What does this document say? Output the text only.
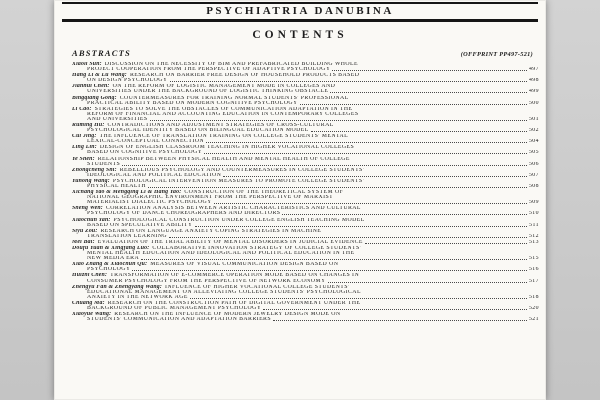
PSYCHIATRIA DANUBINA
CONTENTS
ABSTRACTS	(OFFPRINT PP497-521)
Xiaoli Sun: DISCUSSION ON THE NECESSITY OF BIM AND PREFABRICATED BUILDING WHOLE
PROJECT COOPERATION FROM THE PERSPECTIVE OF ADAPTIVE PSYCHOLOGY	497
Hang Li & Lu Wang: RESEARCH ON BARRIER FREE DESIGN OF HOUSEHOLD PRODUCTS BASED
ON DESIGN PSYCHOLOGY	498
Jianhui Chen: ON THE REFORM OF LOGISTIC MANAGEMENT MODE IN COLLEGES AND
UNIVERSITIES UNDER THE BACKGROUND OF LOGISTIC THINKING OBSTACLE	499
Bingqiang Gong: COUNTERMEASURES FOR TRAINING NORMAL STUDENTS' PROFESSIONAL
PRACTICAL ABILITY BASED ON MODERN COGNITIVE PSYCHOLOGY	500
Li Cao: STRATEGIES TO SOLVE THE OBSTACLES OF COMMUNICATION ADAPTATION IN THE
REFORM OF FINANCIAL AND ACCOUNTING EDUCATION IN CONTEMPORARY COLLEGES
AND UNIVERSITIES	501
Ruming Hu: CONTRADICTIONS AND ADJUSTMENT STRATEGIES OF CROSS-CULTURAL
PSYCHOLOGICAL IDENTITY BASED ON BILINGUAL EDUCATION MODEL	502
Cui Jing: THE INFLUENCE OF TRANSLATION TRAINING ON COLLEGE STUDENTS' MENTAL
LEXICAL-CONCEPTUAL CONNECTION	504
Ling Lin: DESIGN OF ENGLISH CLASSROOM TEACHING IN HIGHER VOCATIONAL COLLEGES
BASED ON COGNITIVE PSYCHOLOGY	505
Ye Shen: RELATIONSHIP BETWEEN PHYSICAL HEALTH AND MENTAL HEALTH OF COLLEGE
STUDENTS	506
Zhongcheng Shi: REBELLIOUS PSYCHOLOGY AND COUNTERMEASURES IN COLLEGE STUDENTS'
IDEOLOGICAL AND POLITICAL EDUCATION	507
Yuhong Wang: PSYCHOLOGICAL INTERVENTION MEASURES TO PROMOTE COLLEGE STUDENTS'
PHYSICAL HEALTH	508
Xichang Yao & Mengqing Li & Hang Yao: CONSTRUCTION OF THE THEORETICAL SYSTEM OF
NATIONAL GEOGRAPHIC ENVIRONMENT FROM THE PERSPECTIVE OF MARXIST
MATERIALIST DIALECTIC PSYCHOLOGY	509
Sheng Wen: CORRELATION ANALYSIS BETWEEN ARTISTIC CHARACTERISTICS AND CULTURAL
PSYCHOLOGY OF DANCE CHOREOGRAPHERS AND DIRECTORS	510
Xiaochun Yan: PSYCHOLOGICAL CONSTRUCTION UNDER COLLEGE ENGLISH TEACHING MODEL
BASED ON SPECULATIVE ABILITY	511
Siyu Zou: RESEARCH ON LANGUAGE ANXIETY COPING STRATEGIES IN MACHINE
TRANSLATION LEARNING	512
Mei Bai: EVALUATION OF THE TRIAL ABILITY OF MENTAL DISORDERS IN JUDICIAL EVIDENCE	513
Doufu Yuan & Xingfang Luo: COLLABORATIVE INNOVATION STRATEGY OF COLLEGE STUDENTS'
MENTAL HEALTH EDUCATION AND IDEOLOGICAL AND POLITICAL EDUCATION IN THE
NEW MEDIA ERA	515
Xiao Zhang & Xiaochun Qu: MEASURES OF VISUAL COMMUNICATION DESIGN BASED ON
PSYCHOLOGY	516
Huizhi Chen: TRANSFORMATION OF E-COMMERCE OPERATION MODE BASED ON CHANGES IN
CONSUMER PSYCHOLOGY FROM THE PERSPECTIVE OF NETWORK ECONOMY	517
Zhengyu Fan & Zhengyang Wang: INFLUENCE OF HIGHER VOCATIONAL COLLEGE STUDENTS'
EDUCATIONAL MANAGEMENT ON ALLEVIATING COLLEGE STUDENTS' PSYCHOLOGICAL
ANXIETY IN THE NETWORK AGE	518
Chuang Ma: RESEARCH ON THE CONSTRUCTION PATH OF DIGITAL GOVERNMENT UNDER THE
BACKGROUND OF PUBLIC MANAGEMENT PSYCHOLOGY	520
Xiaoyue Wang: RESEARCH ON THE INFLUENCE OF MODERN JEWELRY DESIGN MODE ON
STUDENTS' COMMUNICATION AND ADAPTATION BARRIERS	521
